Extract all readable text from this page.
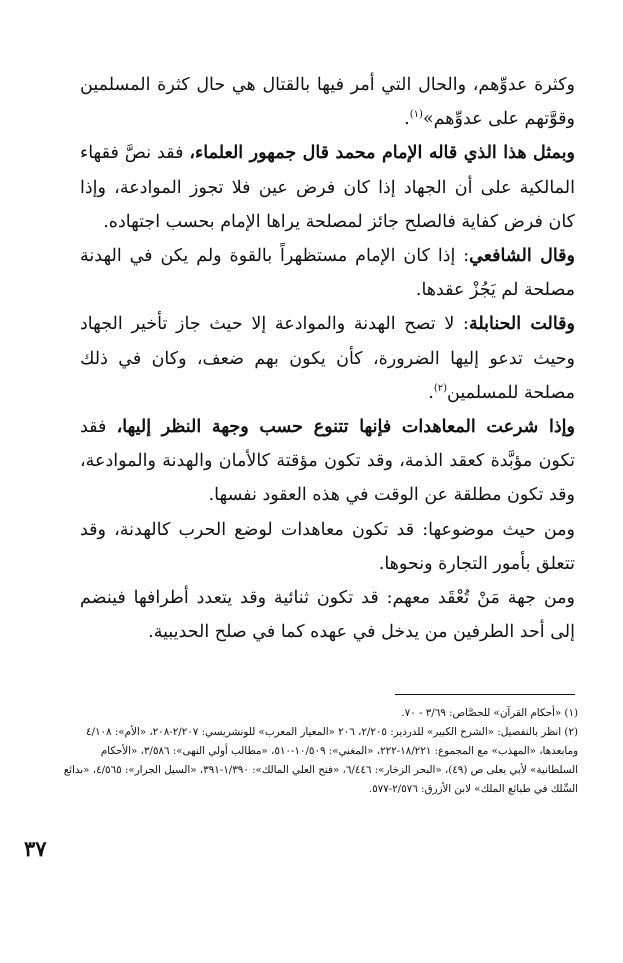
وكثرة عدوِّهم، والحال التي أمر فيها بالقتال هي حال كثرة المسلمين وقوَّتهم على عدوِّهم»$^{(١)}$.

وبمثل هذا الذي قاله الإمام محمد قال جمهور العلماء، فقد نصَّ فقهاء المالكية على أن الجهاد إذا كان فرض عين فلا تجوز الموادعة، وإذا كان فرض كفاية فالصلح جائز لمصلحة يراها الإمام بحسب اجتهاده.

وقال الشافعي: إذا كان الإمام مستظهراً بالقوة ولم يكن في الهدنة مصلحة لم يَجُزْ عقدها.

وقالت الحنابلة: لا تصح الهدنة والموادعة إلا حيث جاز تأخير الجهاد وحيث تدعو إليها الضرورة، كأن يكون بهم ضعف، وكان في ذلك مصلحة للمسلمين$^{(٢)}$.

وإذا شرعت المعاهدات فإنها تتنوع حسب وجهة النظر إليها، فقد تكون مؤبَّدة كعقد الذمة، وقد تكون مؤقتة كالأمان والهدنة والموادعة، وقد تكون مطلقة عن الوقت في هذه العقود نفسها.

ومن حيث موضوعها: قد تكون معاهدات لوضع الحرب كالهدنة، وقد تتعلق بأمور التجارة ونحوها.

ومن جهة مَنْ تُعْقَد معهم: قد تكون ثنائية وقد يتعدد أطرافها فينضم إلى أحد الطرفين من يدخل في عهده كما في صلح الحديبية.

(١) «أحكام القرآن» للجصَّاص: ٣/٦٩ - ٧٠.

(٢) انظر بالتفصيل: «الشرح الكبير» للدردير: ٢/٢٠٥، ٢٠٦ «المعيار المعرب» للونشريسي: ٢/٢٠٧-٢٠٨، «الأم»: ٤/١٠٨ ومابعدها، «المهذب» مع المجموع: ١٨/٢٢١-٢٢٢، «المغني»: ١٠/٥٠٩-٥١٠، «مطالب أولي النهى»: ٣/٥٨٦، «الأحكام السلطانية» لأبي يعلى ص (٤٩)، «البحر الزخار»: ٦/٤٤٦، «فتح العلي المالك»: ١/٣٩٠-٣٩١، «السيل الجرار»: ٤/٥٦٥، «بدائع السِّلك في طبائع الملك» لابن الأزرق: ٢/٥٧٦-٥٧٧.

٣٧
